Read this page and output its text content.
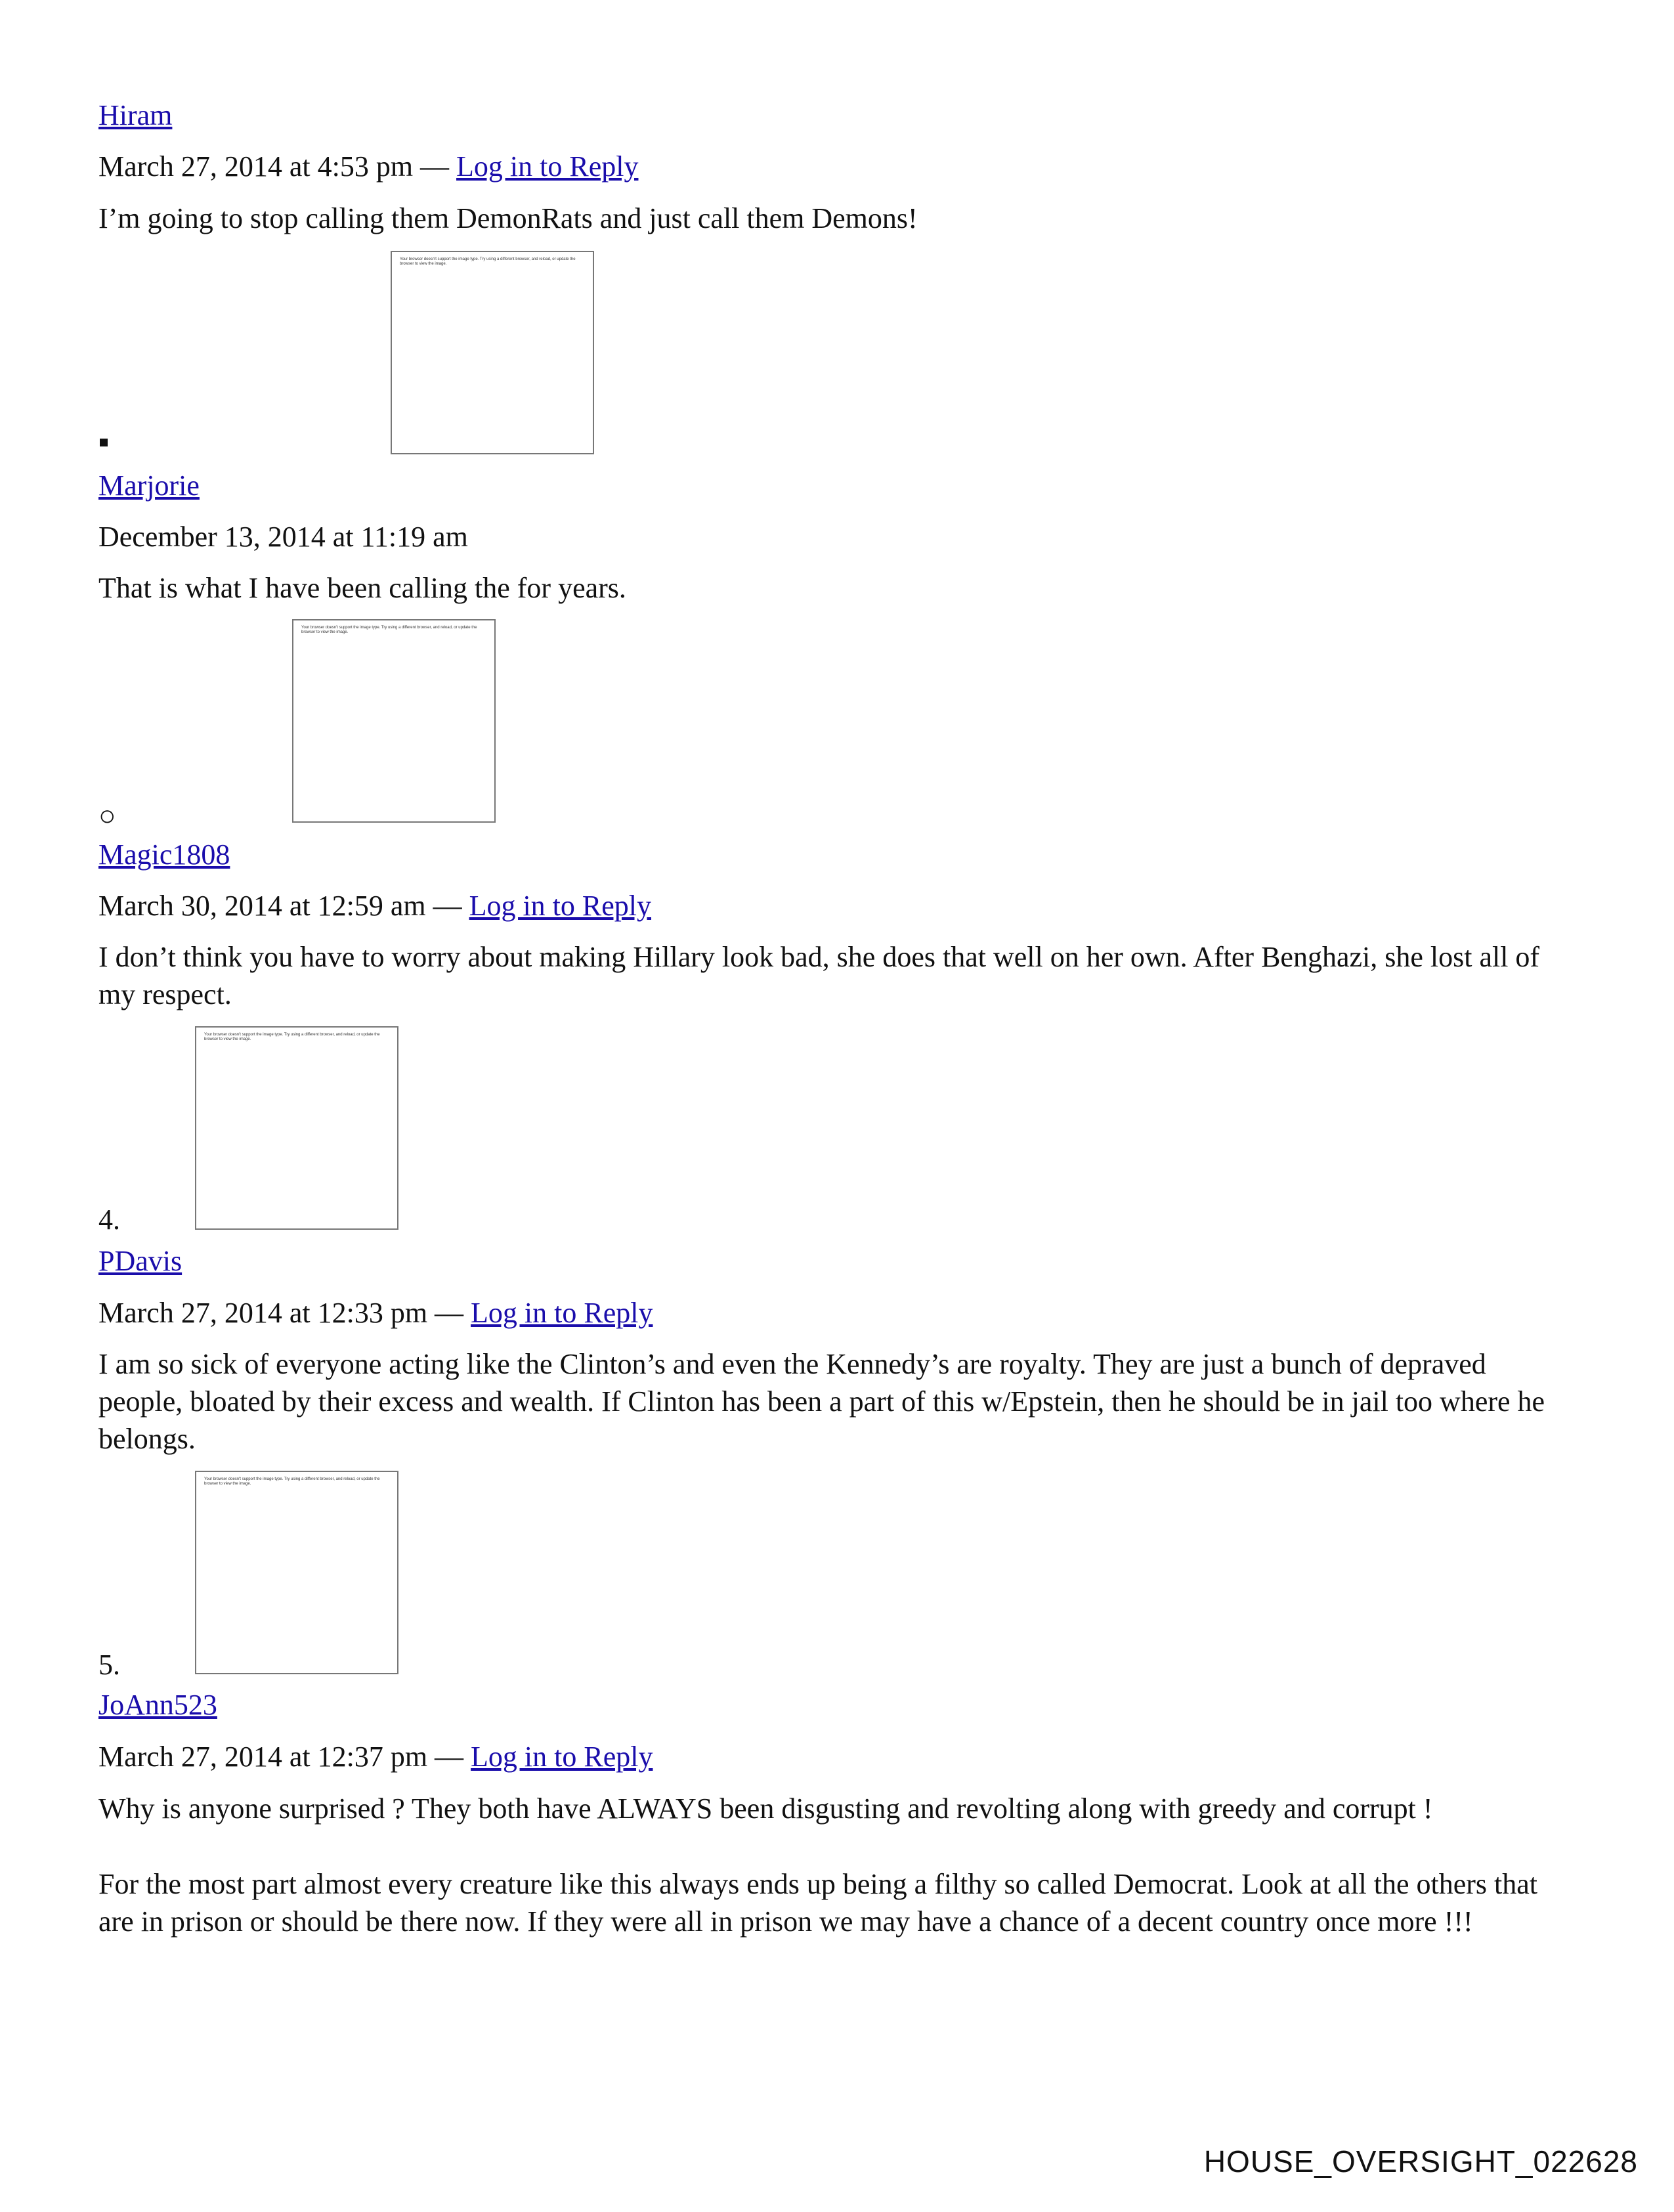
Hiram
March 27, 2014 at 4:53 pm — Log in to Reply
I’m going to stop calling them DemonRats and just call them Demons!
Your browser doesn't support the image type. Try using a different browser, and reload, or update the browser to view the image.
Marjorie
December 13, 2014 at 11:19 am
That is what I have been calling the for years.
Your browser doesn't support the image type. Try using a different browser, and reload, or update the browser to view the image.
○
Magic1808
March 30, 2014 at 12:59 am — Log in to Reply
I don’t think you have to worry about making Hillary look bad, she does that well on her own. After Benghazi, she lost all of my respect.
Your browser doesn't support the image type. Try using a different browser, and reload, or update the browser to view the image.
4.
PDavis
March 27, 2014 at 12:33 pm — Log in to Reply
I am so sick of everyone acting like the Clinton’s and even the Kennedy’s are royalty. They are just a bunch of depraved people, bloated by their excess and wealth. If Clinton has been a part of this w/Epstein, then he should be in jail too where he belongs.
Your browser doesn't support the image type. Try using a different browser, and reload, or update the browser to view the image.
5.
JoAnn523
March 27, 2014 at 12:37 pm — Log in to Reply
Why is anyone surprised ? They both have ALWAYS been disgusting and revolting along with greedy and corrupt !
For the most part almost every creature like this always ends up being a filthy so called Democrat. Look at all the others that are in prison or should be there now. If they were all in prison we may have a chance of a decent country once more !!!
HOUSE_OVERSIGHT_022628
